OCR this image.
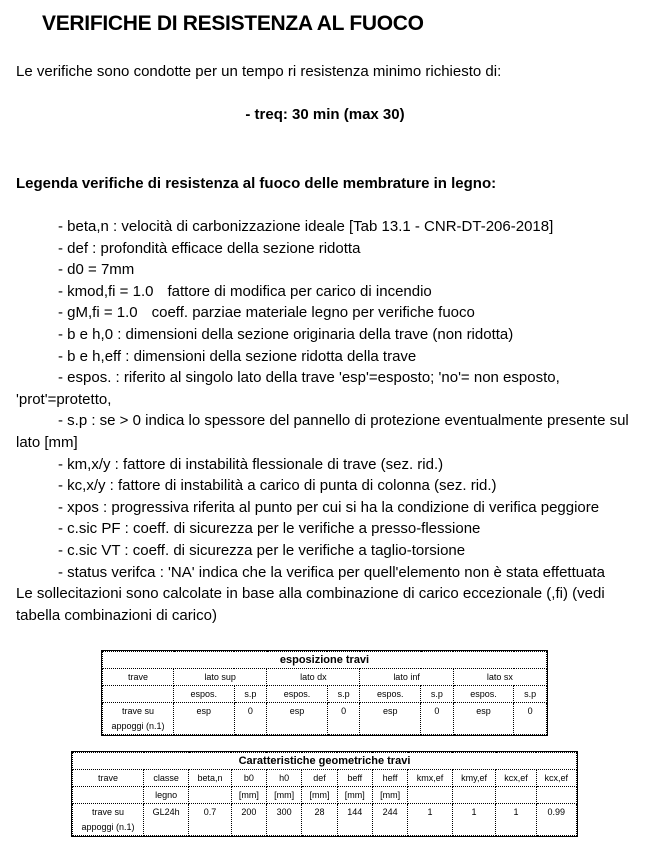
VERIFICHE DI RESISTENZA AL FUOCO
Le verifiche sono condotte per un tempo ri resistenza minimo richiesto di:
- treq: 30 min (max 30)
Legenda verifiche di resistenza al fuoco delle membrature in legno:
- beta,n : velocità di carbonizzazione ideale [Tab 13.1 - CNR-DT-206-2018]
- def : profondità efficace della sezione ridotta
- d0 = 7mm
- kmod,fi = 1.0 fattore di modifica per carico di incendio
- gM,fi = 1.0 coeff. parziae materiale legno per verifiche fuoco
- b e h,0 : dimensioni della sezione originaria della trave (non ridotta)
- b e h,eff : dimensioni della sezione ridotta della trave
- espos. : riferito al singolo lato della trave 'esp'=esposto; 'no'= non esposto, 'prot'=protetto,
- s.p : se > 0 indica lo spessore del pannello di protezione eventualmente presente sul lato [mm]
- km,x/y : fattore di instabilità flessionale di trave (sez. rid.)
- kc,x/y : fattore di instabilità a carico di punta di colonna (sez. rid.)
- xpos : progressiva riferita al punto per cui si ha la condizione di verifica peggiore
- c.sic PF : coeff. di sicurezza per le verifiche a presso-flessione
- c.sic VT : coeff. di sicurezza per le verifiche a taglio-torsione
- status verifca : 'NA' indica che la verifica per quell'elemento non è stata effettuata
Le sollecitazioni sono calcolate in base alla combinazione di carico eccezionale (,fi) (vedi tabella combinazioni di carico)
esposizione travi								
trave	lato sup		lato dx		lato inf		lato sx	
	espos.	s.p	espos.	s.p	espos.	s.p	espos.	s.p
trave su appoggi (n.1)	esp	0	esp	0	esp	0	esp	0
Caratteristiche geometriche travi											
trave	classe	beta,n	b0	h0	def	beff	heff	kmx,ef	kmy,ef	kcx,ef	kcx,ef
	legno		[mm]	[mm]	[mm]	[mm]	[mm]				
trave su appoggi (n.1)	GL24h	0.7	200	300	28	144	244	1	1	1	0.99
